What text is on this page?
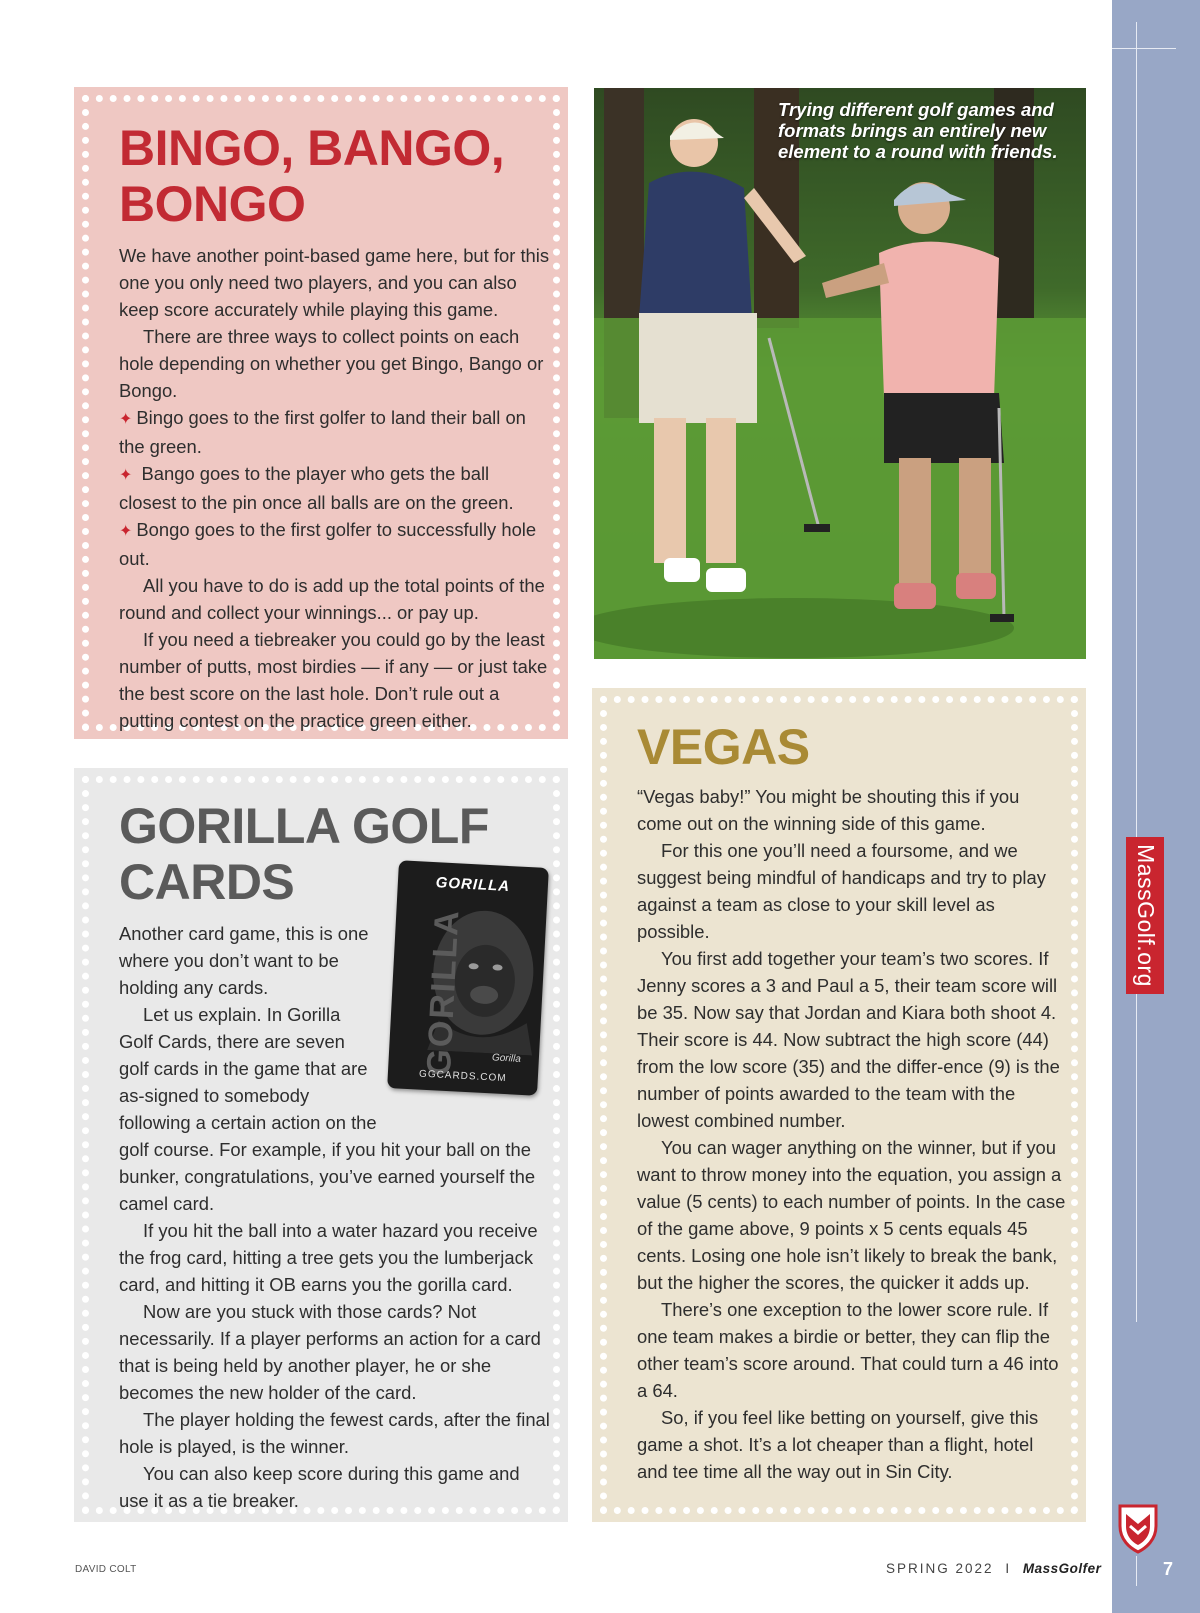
MassGolf.org
7
BINGO, BANGO,
BONGO

We have another point-based game here, but for this one you only need two players, and you can also keep score accurately while playing this game.

There are three ways to collect points on each hole depending on whether you get Bingo, Bango or Bongo.

✦ Bingo goes to the first golfer to land their ball on the green.

✦ Bango goes to the player who gets the ball closest to the pin once all balls are on the green.

✦ Bongo goes to the first golfer to successfully hole out.

All you have to do is add up the total points of the round and collect your winnings... or pay up.

If you need a tiebreaker you could go by the least number of putts, most birdies — if any — or just take the best score on the last hole. Don’t rule out a putting contest on the practice green either.

Trying different golf games and formats brings an entirely new element to a round with friends.
GORILLA GOLF
CARDS

Another card game, this is one where you don’t want to be holding any cards.

Let us explain. In Gorilla Golf Cards, there are seven golf cards in the game that are as-signed to somebody following a certain action on the golf course. For example, if you hit your ball on the bunker, congratulations, you’ve earned yourself the camel card.

If you hit the ball into a water hazard you receive the frog card, hitting a tree gets you the lumberjack card, and hitting it OB earns you the gorilla card.

Now are you stuck with those cards? Not necessarily. If a player performs an action for a card that is being held by another player, he or she becomes the new holder of the card.

The player holding the fewest cards, after the final hole is played, is the winner.

You can also keep score during this game and use it as a tie breaker.

GORILLA
GORILLA	Gorilla
GGCARDS.COM
VEGAS

“Vegas baby!” You might be shouting this if you come out on the winning side of this game.

For this one you’ll need a foursome, and we suggest being mindful of handicaps and try to play against a team as close to your skill level as possible.

You first add together your team’s two scores. If Jenny scores a 3 and Paul a 5, their team score will be 35. Now say that Jordan and Kiara both shoot 4. Their score is 44. Now subtract the high score (44) from the low score (35) and the differ-ence (9) is the number of points awarded to the team with the lowest combined number.

You can wager anything on the winner, but if you want to throw money into the equation, you assign a value (5 cents) to each number of points. In the case of the game above, 9 points x 5 cents equals 45 cents. Losing one hole isn’t likely to break the bank, but the higher the scores, the quicker it adds up.

There’s one exception to the lower score rule. If one team makes a birdie or better, they can flip the other team’s score around. That could turn a 46 into a 64.

So, if you feel like betting on yourself, give this game a shot. It’s a lot cheaper than a flight, hotel and tee time all the way out in Sin City.

DAVID COLT	SPRING 2022 I MassGolfer
